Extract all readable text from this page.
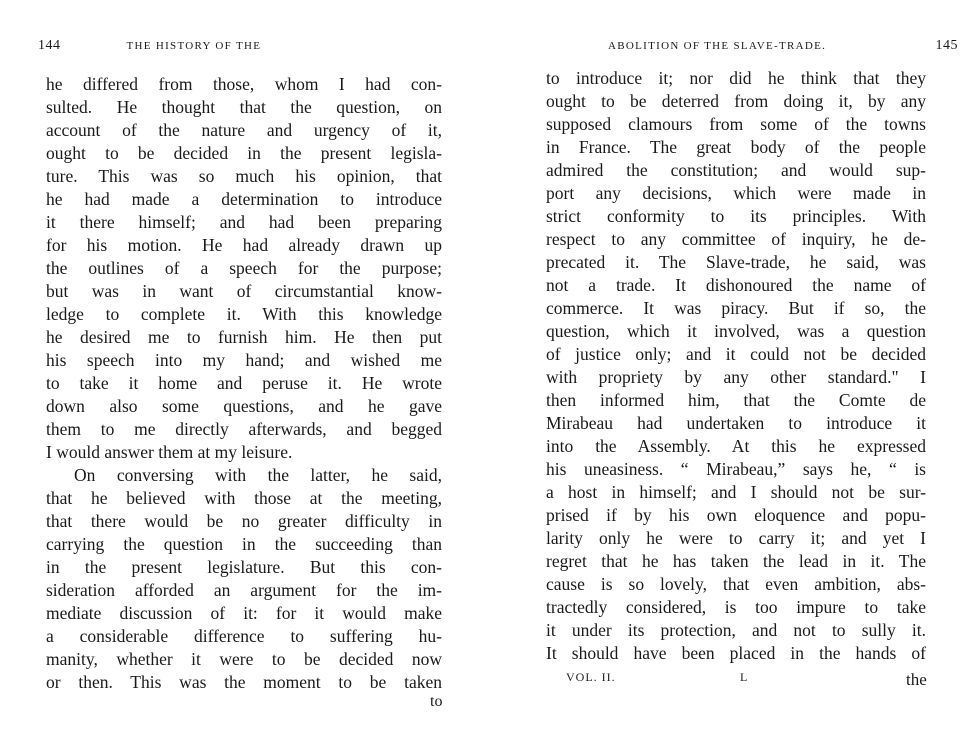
144	THE HISTORY OF THE
he differed from those, whom I had con-
sulted. He thought that the question, on
account of the nature and urgency of it,
ought to be decided in the present legisla-
ture. This was so much his opinion, that
he had made a determination to introduce
it there himself; and had been preparing
for his motion. He had already drawn up
the outlines of a speech for the purpose;
but was in want of circumstantial know-
ledge to complete it. With this knowledge
he desired me to furnish him. He then put
his speech into my hand; and wished me
to take it home and peruse it. He wrote
down also some questions, and he gave
them to me directly afterwards, and begged
I would answer them at my leisure.
On conversing with the latter, he said,
that he believed with those at the meeting,
that there would be no greater difficulty in
carrying the question in the succeeding than
in the present legislature. But this con-
sideration afforded an argument for the im-
mediate discussion of it: for it would make
a considerable difference to suffering hu-
manity, whether it were to be decided now
or then. This was the moment to be taken
to
ABOLITION OF THE SLAVE-TRADE.	145
to introduce it; nor did he think that they
ought to be deterred from doing it, by any
supposed clamours from some of the towns
in France. The great body of the people
admired the constitution; and would sup-
port any decisions, which were made in
strict conformity to its principles. With
respect to any committee of inquiry, he de-
precated it. The Slave-trade, he said, was
not a trade. It dishonoured the name of
commerce. It was piracy. But if so, the
question, which it involved, was a question
of justice only; and it could not be decided
with propriety by any other standard." I
then informed him, that the Comte de
Mirabeau had undertaken to introduce it
into the Assembly. At this he expressed
his uneasiness. “ Mirabeau,” says he, “ is
a host in himself; and I should not be sur-
prised if by his own eloquence and popu-
larity only he were to carry it; and yet I
regret that he has taken the lead in it. The
cause is so lovely, that even ambition, abs-
tractedly considered, is too impure to take
it under its protection, and not to sully it.
It should have been placed in the hands of
VOL. II.	L	the
